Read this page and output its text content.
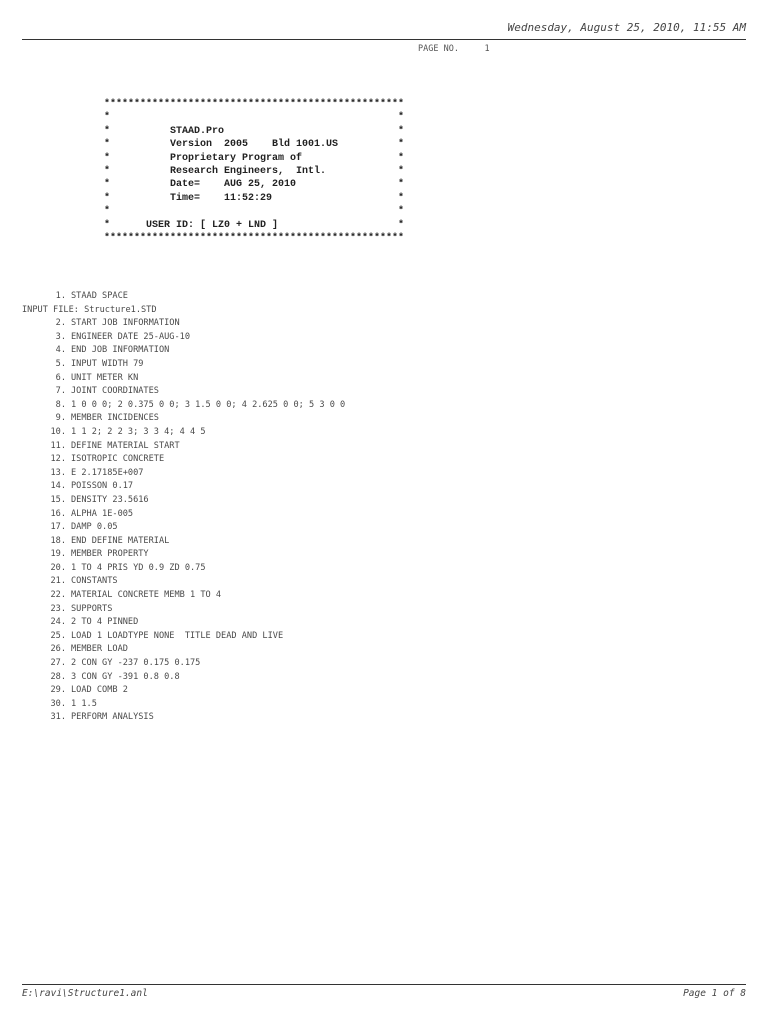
Wednesday, August 25, 2010, 11:55 AM
PAGE NO.	1
**************************************************
*                                                *
*          STAAD.Pro                             *
*          Version  2005    Bld 1001.US          *
*          Proprietary Program of                *
*          Research Engineers,  Intl.            *
*          Date=    AUG 25, 2010                 *
*          Time=    11:52:29                     *
*                                                *
*      USER ID: [ LZ0 + LND ]                    *
**************************************************
1. STAAD SPACE
INPUT FILE: Structure1.STD
2. START JOB INFORMATION
3. ENGINEER DATE 25-AUG-10
4. END JOB INFORMATION
5. INPUT WIDTH 79
6. UNIT METER KN
7. JOINT COORDINATES
8. 1 0 0 0; 2 0.375 0 0; 3 1.5 0 0; 4 2.625 0 0; 5 3 0 0
9. MEMBER INCIDENCES
10. 1 1 2; 2 2 3; 3 3 4; 4 4 5
11. DEFINE MATERIAL START
12. ISOTROPIC CONCRETE
13. E 2.17185E+007
14. POISSON 0.17
15. DENSITY 23.5616
16. ALPHA 1E-005
17. DAMP 0.05
18. END DEFINE MATERIAL
19. MEMBER PROPERTY
20. 1 TO 4 PRIS YD 0.9 ZD 0.75
21. CONSTANTS
22. MATERIAL CONCRETE MEMB 1 TO 4
23. SUPPORTS
24. 2 TO 4 PINNED
25. LOAD 1 LOADTYPE NONE  TITLE DEAD AND LIVE
26. MEMBER LOAD
27. 2 CON GY -237 0.175 0.175
28. 3 CON GY -391 0.8 0.8
29. LOAD COMB 2
30. 1 1.5
31. PERFORM ANALYSIS
E:\ravi\Structure1.anl	Page 1 of 8
